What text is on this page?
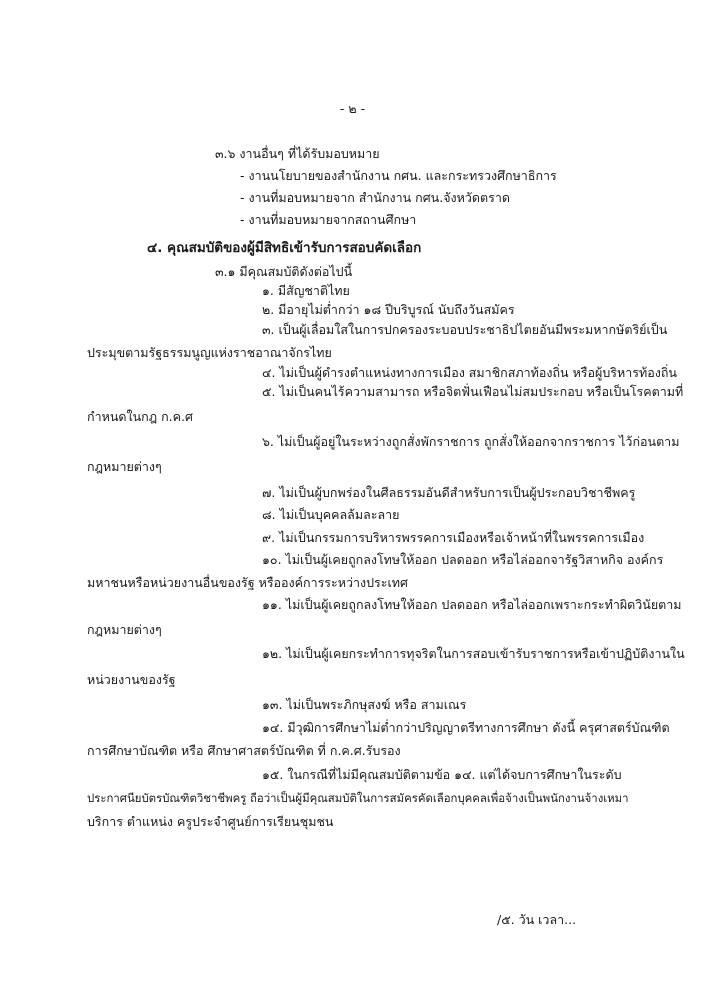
- ๒ -
๓.๖ งานอื่นๆ ที่ได้รับมอบหมาย
- งานนโยบายของสำนักงาน กศน. และกระทรวงศึกษาธิการ
- งานที่มอบหมายจาก สำนักงาน กศน.จังหวัดตราด
- งานที่มอบหมายจากสถานศึกษา
๔. คุณสมบัติของผู้มีสิทธิเข้ารับการสอบคัดเลือก
๓.๑ มีคุณสมบัติดังต่อไปนี้
๑. มีสัญชาติไทย
๒. มีอายุไม่ต่ำกว่า ๑๘ ปีบริบูรณ์ นับถึงวันสมัคร
๓. เป็นผู้เลื่อมใสในการปกครองระบอบประชาธิปไตยอันมีพระมหากษัตริย์เป็น
ประมุขตามรัฐธรรมนูญแห่งราชอาณาจักรไทย
๔. ไม่เป็นผู้ดำรงตำแหน่งทางการเมือง สมาชิกสภาท้องถิ่น หรือผู้บริหารท้องถิ่น
๕. ไม่เป็นคนไร้ความสามารถ หรือจิตฟั่นเฟือนไม่สมประกอบ หรือเป็นโรคตามที่
กำหนดในกฎ ก.ค.ศ
๖. ไม่เป็นผู้อยู่ในระหว่างถูกสั่งพักราชการ ถูกสั่งให้ออกจากราชการ ไว้ก่อนตาม
กฎหมายต่างๆ
๗. ไม่เป็นผู้บกพร่องในศีลธรรมอันดีสำหรับการเป็นผู้ประกอบวิชาชีพครู
๘. ไม่เป็นบุคคลล้มละลาย
๙. ไม่เป็นกรรมการบริหารพรรคการเมืองหรือเจ้าหน้าที่ในพรรคการเมือง
๑๐. ไม่เป็นผู้เคยถูกลงโทษให้ออก ปลดออก หรือไล่ออกจารัฐวิสาหกิจ องค์กร
มหาชนหรือหน่วยงานอื่นของรัฐ หรือองค์การระหว่างประเทศ
๑๑. ไม่เป็นผู้เคยถูกลงโทษให้ออก ปลดออก หรือไล่ออกเพราะกระทำผิดวินัยตาม
กฎหมายต่างๆ
๑๒. ไม่เป็นผู้เคยกระทำการทุจริตในการสอบเข้ารับราชการหรือเข้าปฏิบัติงานใน
หน่วยงานของรัฐ
๑๓. ไม่เป็นพระภิกษุสงฆ์ หรือ สามเณร
๑๔. มีวุฒิการศึกษาไม่ต่ำกว่าปริญญาตรีทางการศึกษา ดังนี้ ครุศาสตร์บัณฑิต
การศึกษาบัณฑิต หรือ ศึกษาศาสตร์บัณฑิต ที่ ก.ค.ศ.รับรอง
๑๕. ในกรณีที่ไม่มีคุณสมบัติตามข้อ ๑๔. แต่ได้จบการศึกษาในระดับ
ประกาศนียบัตรบัณฑิตวิชาชีพครู ถือว่าเป็นผู้มีคุณสมบัติในการสมัครคัดเลือกบุคคลเพื่อจ้างเป็นพนักงานจ้างเหมา
บริการ ตำแหน่ง ครูประจำศูนย์การเรียนชุมชน
/๕. วัน เวลา...
